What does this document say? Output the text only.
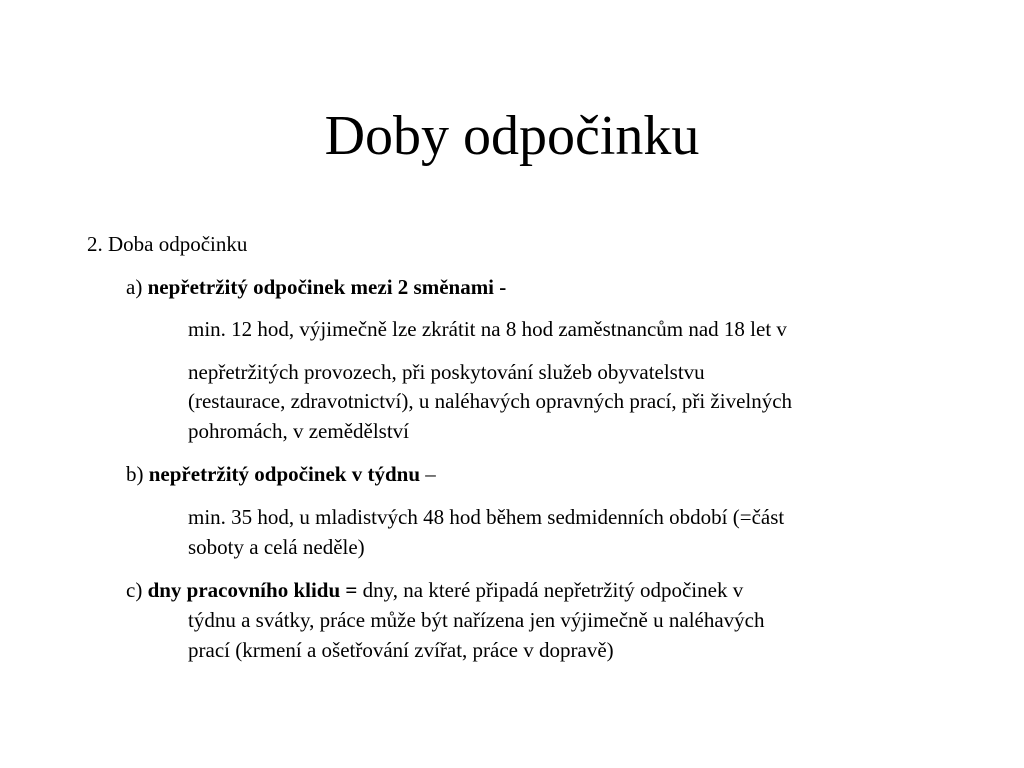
Doby odpočinku
2. Doba odpočinku
a) nepřetržitý odpočinek mezi 2 směnami -
min. 12 hod, výjimečně lze zkrátit na 8 hod zaměstnancům nad 18 let v
nepřetržitých provozech, při poskytování služeb obyvatelstvu
(restaurace, zdravotnictví), u naléhavých opravných prací, při živelných
pohromách, v zemědělství
b) nepřetržitý odpočinek v týdnu –
min. 35 hod, u mladistvých 48 hod během sedmidenních období (=část
soboty a celá neděle)
c) dny pracovního klidu = dny, na které připadá nepřetržitý odpočinek v
týdnu a svátky, práce může být nařízena jen výjimečně u naléhavých
prací (krmení a ošetřování zvířat, práce v dopravě)
